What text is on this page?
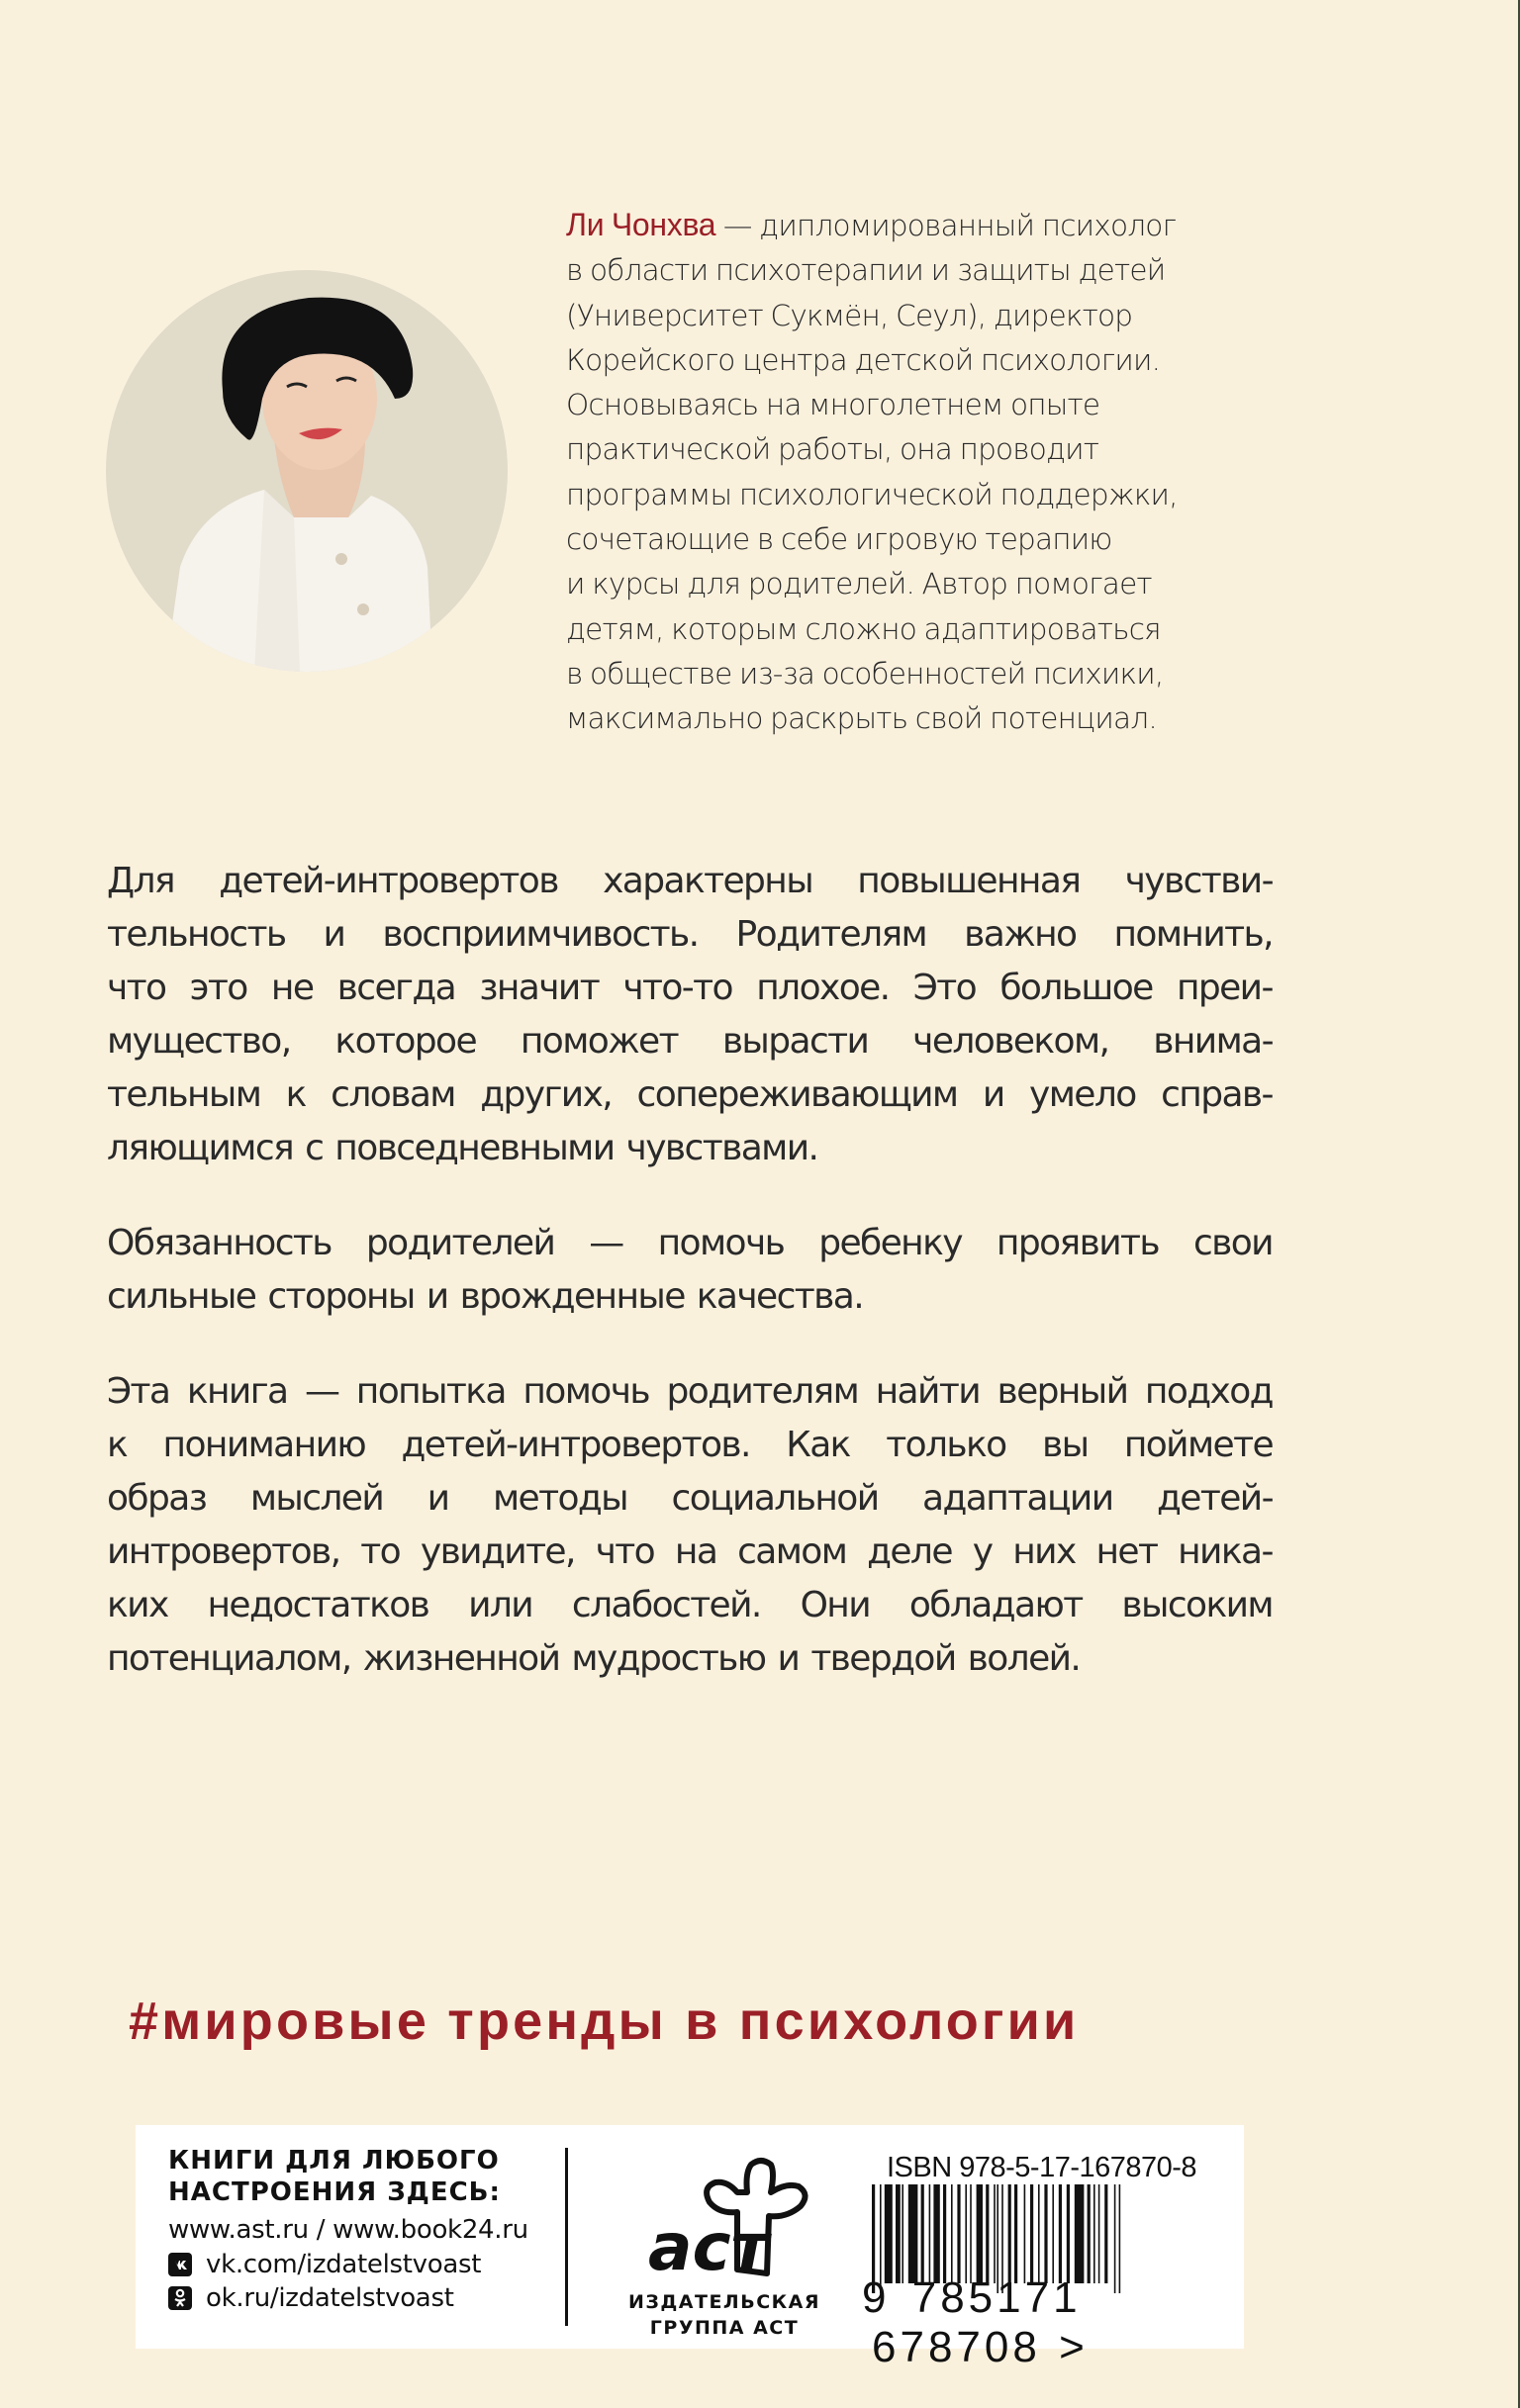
Ли Чонхва — дипломированный психолог
в области психотерапии и защиты детей
(Университет Сукмён, Сеул), директор
Корейского центра детской психологии.
Основываясь на многолетнем опыте
практической работы, она проводит
программы психологической поддержки,
сочетающие в себе игровую терапию
и курсы для родителей. Автор помогает
детям, которым сложно адаптироваться
в обществе из-за особенностей психики,
максимально раскрыть свой потенциал.
Для детей-интровертов характерны повышенная чувстви-
тельность и восприимчивость. Родителям важно помнить,
что это не всегда значит что-то плохое. Это большое преи-
мущество, которое поможет вырасти человеком, внима-
тельным к словам других, сопереживающим и умело справ-
ляющимся с повседневными чувствами.
Обязанность родителей — помочь ребенку проявить свои
сильные стороны и врожденные качества.
Эта книга — попытка помочь родителям найти верный подход
к пониманию детей-интровертов. Как только вы поймете
образ мыслей и методы социальной адаптации детей-
интровертов, то увидите, что на самом деле у них нет ника-
ких недостатков или слабостей. Они обладают высоким
потенциалом, жизненной мудростью и твердой волей.
#мировые тренды в психологии
КНИГИ ДЛЯ ЛЮБОГО
НАСТРОЕНИЯ ЗДЕСЬ:
www.ast.ru / www.book24.ru
vk.com/izdatelstvoast
ok.ru/izdatelstvoast
аст
ИЗДАТЕЛЬСКАЯ
ГРУППА АСТ
ISBN 978-5-17-167870-8
9 785171 678708 >
